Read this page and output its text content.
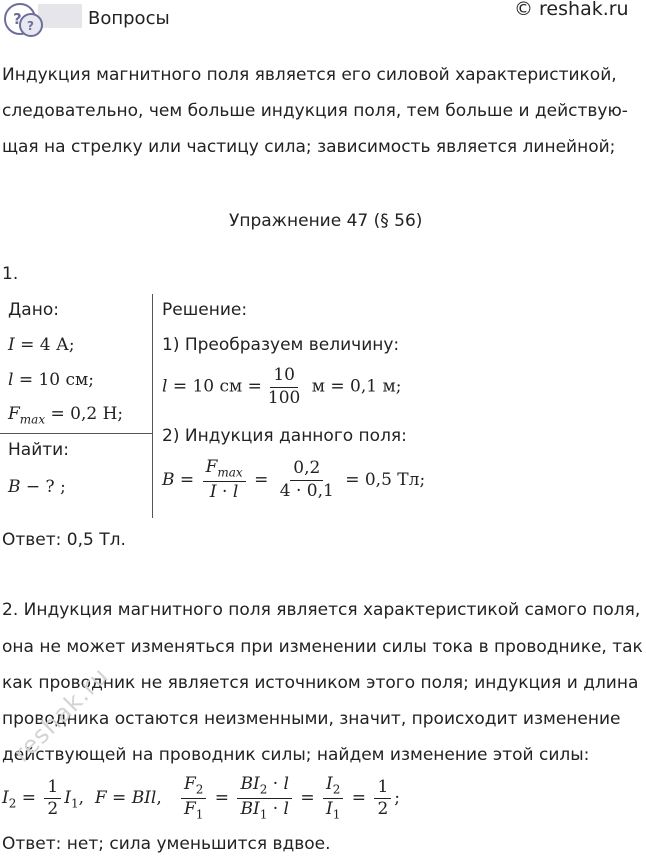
? ?	Вопросы	© reshak.ru
Индукция магнитного поля является его силовой характеристикой,
следовательно, чем больше индукция поля, тем больше и действую-
щая на стрелку или частицу сила; зависимость является линейной;
Упражнение 47 (§ 56)
1.
Дано:
I = 4 А;
l = 10 см;
$F_{max} = 0,2$ Н;
Найти:
B − ? ;
Решение:
1) Преобразуем величину:
l = 10 см = $\frac{10}{100}$ м = 0,1 м;
2) Индукция данного поля:
$B = \frac{F_{max}}{I \cdot l} = \frac{0,2}{4 \cdot 0,1} = 0,5$ Тл;
Ответ: 0,5 Тл.
2. Индукция магнитного поля является характеристикой самого поля,
она не может изменяться при изменении силы тока в проводнике, так
как проводник не является источником этого поля; индукция и длина
проводника остаются неизменными, значит, происходит изменение
действующей на проводник силы; найдем изменение этой силы:
$I_2 = \frac{1}{2} I_1$,  F = BIl, $\frac{F_2}{F_1} = \frac{BI_2 \cdot l}{BI_1 \cdot l} = \frac{I_2}{I_1} = \frac{1}{2}$ ;
Ответ: нет; сила уменьшится вдвое.
reshak.ru
